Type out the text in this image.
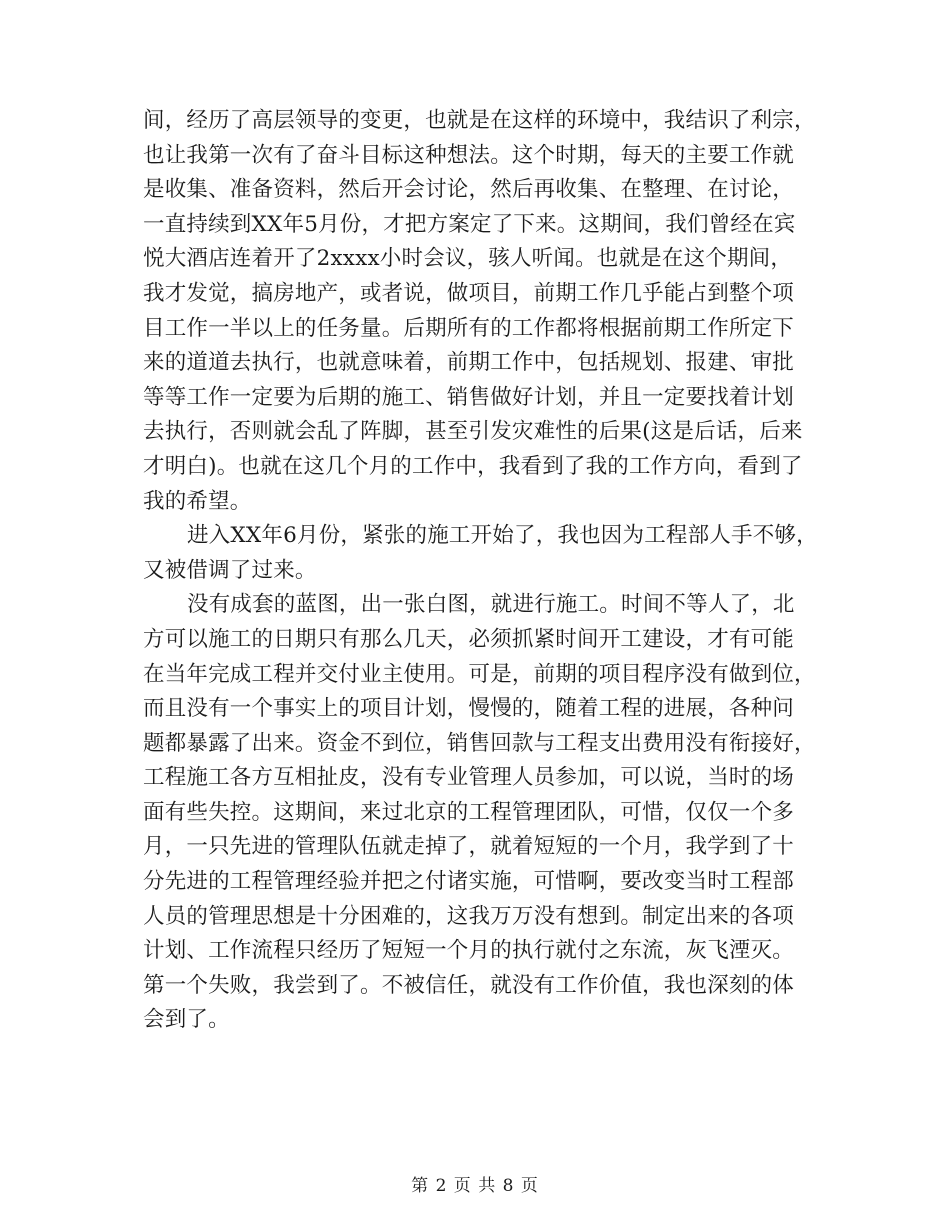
间，经历了高层领导的变更，也就是在这样的环境中，我结识了利宗，
也让我第一次有了奋斗目标这种想法。这个时期，每天的主要工作就
是收集、准备资料，然后开会讨论，然后再收集、在整理、在讨论，
一直持续到XX年5月份，才把方案定了下来。这期间，我们曾经在宾
悦大酒店连着开了2xxxx小时会议，骇人听闻。也就是在这个期间，
我才发觉，搞房地产，或者说，做项目，前期工作几乎能占到整个项
目工作一半以上的任务量。后期所有的工作都将根据前期工作所定下
来的道道去执行，也就意味着，前期工作中，包括规划、报建、审批
等等工作一定要为后期的施工、销售做好计划，并且一定要找着计划
去执行，否则就会乱了阵脚，甚至引发灾难性的后果(这是后话，后来
才明白)。也就在这几个月的工作中，我看到了我的工作方向，看到了
我的希望。
进入XX年6月份，紧张的施工开始了，我也因为工程部人手不够，
又被借调了过来。
没有成套的蓝图，出一张白图，就进行施工。时间不等人了，北
方可以施工的日期只有那么几天，必须抓紧时间开工建设，才有可能
在当年完成工程并交付业主使用。可是，前期的项目程序没有做到位，
而且没有一个事实上的项目计划，慢慢的，随着工程的进展，各种问
题都暴露了出来。资金不到位，销售回款与工程支出费用没有衔接好，
工程施工各方互相扯皮，没有专业管理人员参加，可以说，当时的场
面有些失控。这期间，来过北京的工程管理团队，可惜，仅仅一个多
月，一只先进的管理队伍就走掉了，就着短短的一个月，我学到了十
分先进的工程管理经验并把之付诸实施，可惜啊，要改变当时工程部
人员的管理思想是十分困难的，这我万万没有想到。制定出来的各项
计划、工作流程只经历了短短一个月的执行就付之东流，灰飞湮灭。
第一个失败，我尝到了。不被信任，就没有工作价值，我也深刻的体
会到了。
第 2 页 共 8 页
